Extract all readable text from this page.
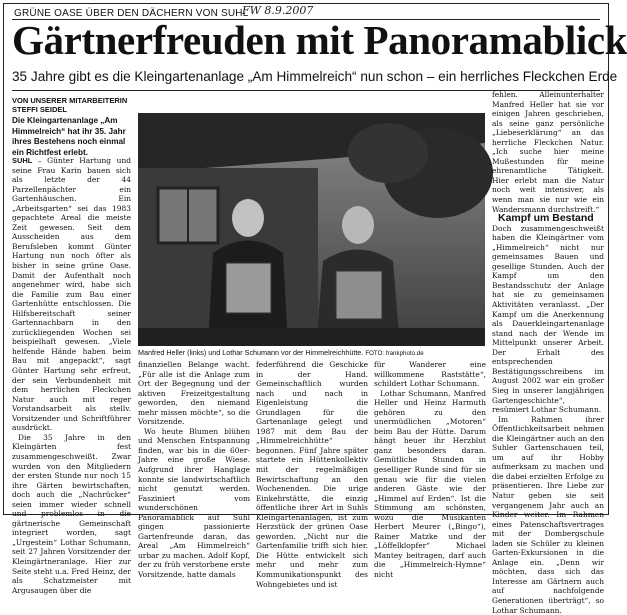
GRÜNE OASE ÜBER DEN DÄCHERN VON SUHL
FW 8.9.2007
Gärtnerfreuden mit Panoramablick
35 Jahre gibt es die Kleingartenanlage „Am Himmelreich“ nun schon – ein herrliches Fleckchen Erde
VON UNSERER MITARBEITERIN
STEFFI SEIDEL
Die Kleingartenanlage „Am Himmelreich“ hat ihr 35. Jahr ihres Bestehens noch einmal ein Richtfest erlebt.

SUHL – Günter Hartung und seine Frau Karin bauen sich als letzte der 44 Parzellenpächter ein Gartenhäuschen. Ein „Arbeitsgarten“ sei das 1983 gepachtete Areal die meiste Zeit gewesen. Seit dem Ausscheiden aus dem Berufsleben kommt Günter Hartung nun noch öfter als bisher in seine grüne Oase. Damit der Aufenthalt noch angenehmer wird, habe sich die Familie zum Bau einer Gartenhütte entschlossen. Die Hilfsbereitschaft seiner Gartennachbarn in den zurückliegenden Wochen sei beispielhaft gewesen. „Viele helfende Hände haben beim Bau mit angepackt“, sagt Günter Hartung sehr erfreut, der sein Verbundenheit mit dem herrlichen Fleckchen Natur auch mit reger Vorstandsarbeit als stellv. Vorsitzender und Schriftführer ausdrückt.

Die 35 Jahre in den Kleingärten fest zusammengeschweißt. Zwar wurden von den Mitgliedern der ersten Stunde nur noch 15 ihre Gärten bewirtschaften, doch auch die „Nachrücker“ seien immer wieder schnell und problemlos in die gärtnerische Gemeinschaft integriert worden, sagt „Urgestein“ Lothar Schumann, seit 27 Jahren Vorsitzender der Kleingärtneranlage. Hier zur Seite steht u.a. Fred Heinz, der als Schatzmeister mit Argusaugen über die

Manfred Heller (links) und Lothar Schumann vor der Himmelreichhütte. FOTO: frankphoto.de

finanziellen Belange wacht. „Für alle ist die Anlage zum Ort der Begegnung und der aktiven Freizeitgestaltung geworden, den niemand mehr missen möchte“, so die Vorsitzende.

Wo heute Blumen blühen und Menschen Entspannung finden, war bis in die 60er-Jahre eine große Wiese. Aufgrund ihrer Hanglage konnte sie landwirtschaftlich nicht genutzt werden. Fasziniert vom wunderschönen Panoramablick auf Suhl gingen passionierte Gartenfreunde daran, das Areal „Am Himmelreich“ urbar zu machen. Adolf Kopf, der zu früh verstorbene erste Vorsitzende, hatte damals

federführend die Geschicke in der Hand. Gemeinschaftlich wurden nach und nach in Eigenleistung die Grundlagen für die Gartenanlage gelegt und 1987 mit dem Bau der „Himmelreichhütte“ begonnen. Fünf Jahre später startete ein Hüttenkollektiv mit der regelmäßigen Bewirtschaftung an den Wochenenden. Die urige Einkehrstätte, die einzig öffentliche ihrer Art in Suhls Kleingartenanlagen, ist zum Herzstück der grünen Oase geworden. „Nicht nur die Gartenfamilie trifft sich hier. Die Hütte entwickelt sich mehr und mehr zum Kommunikationspunkt des Wohngebietes und ist

für Wanderer eine willkommene Raststätte“, schildert Lothar Schumann.

Lothar Schumann, Manfred Heller und Heinz Harmuth gehören zu den unermüdlichen „Motoren“ beim Bau der Hütte. Darum hängt heuer ihr Herzblut ganz besonders daran. Gemütliche Stunden in geselliger Runde sind für sie genau wie für die vielen anderen Gäste wie der „Himmel auf Erden“. Ist die Stimmung am schönsten, wozu die Musikanten Herbert Meurer („Bingo“), Rainer Matzke und der „Löffelklopfer“ Michael Mantey beitragen, darf auch die „Himmelreich-Hymne“ nicht

fehlen. Alleinunterhalter Manfred Heller hat sie vor einigen Jahren geschrieben, als seine ganz persönliche „Liebeserklärung“ an das herrliche Fleckchen Natur. „Ich suche hier meine Mußestunden für meine ehrenamtliche Tätigkeit. Hier erlebt man die Natur noch weit intensiver, als wenn man sie nur wie ein Wandersmann durchstreift.“

Kampf um Bestand

Doch zusammengeschweißt haben die Kleingärtner vom „Himmelreich“ nicht nur gemeinsames Bauen und gesellige Stunden. Auch der Kampf um den Bestandsschutz der Anlage hat sie zu gemeinsamen Aktivitäten veranlasst. „Der Kampf um die Anerkennung als Dauerkleingartenanlage stand nach der Wende im Mittelpunkt unserer Arbeit. Der Erhalt des entsprechenden Bestätigungsschreibens im August 2002 war ein großer Sieg in unserer langjährigen Gartengeschichte“, resümiert Lothar Schumann.

Im Rahmen ihrer Öffentlichkeitsarbeit nehmen die Kleingärtner auch an den Suhler Gartenschauen teil, um auf ihr Hobby aufmerksam zu machen und die dabei erzielten Erfolge zu präsentieren. Ihre Liebe zur Natur geben sie seit vergangenem Jahr auch an Kinder weiter. Im Rahmen eines Patenschaftsvertrages mit der Dombergschule laden sie Schüler zu kleinen Garten-Exkursionen in die Anlage ein. „Denn wir möchten, dass sich das Interesse am Gärtnern auch auf nachfolgende Generationen überträgt“, so Lothar Schumann.
